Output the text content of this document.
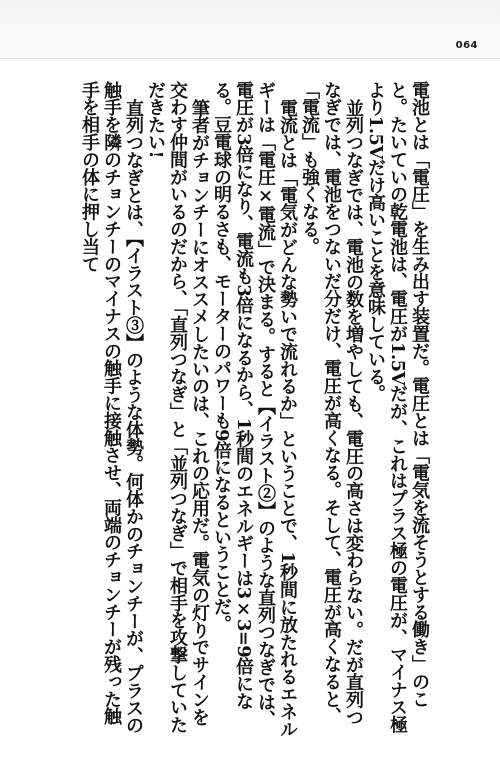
064

電池とは「電圧」を生み出す装置だ。電圧とは「電気を流そうとする働き」のこと。たいていの乾電池は、電圧が1.5Vだが、これはプラス極の電圧が、マイナス極より1.5Vだけ高いことを意味している。

並列つなぎでは、電池の数を増やしても、電圧の高さは変わらない。だが直列つなぎでは、電池をつないだ分だけ、電圧が高くなる。そして、電圧が高くなると、「電流」も強くなる。

電流とは「電気がどんな勢いで流れるか」ということで、1秒間に放たれるエネルギーは「電圧×電流」で決まる。すると【イラスト②】のような直列つなぎでは、電圧が3倍になり、電流も3倍になるから、1秒間のエネルギーは3×3=9倍になる。豆電球の明るさも、モーターのパワーも9倍になるということだ。

筆者がチョンチーにオススメしたいのは、これの応用だ。電気の灯りでサインを交わす仲間がいるのだから、「直列つなぎ」と「並列つなぎ」で相手を攻撃していただきたい!

直列つなぎとは、【イラスト③】のような体勢。何体かのチョンチーが、プラスの触手を隣のチョンチーのマイナスの触手に接触させ、両端のチョンチーが残った触手を相手の体に押し当て
